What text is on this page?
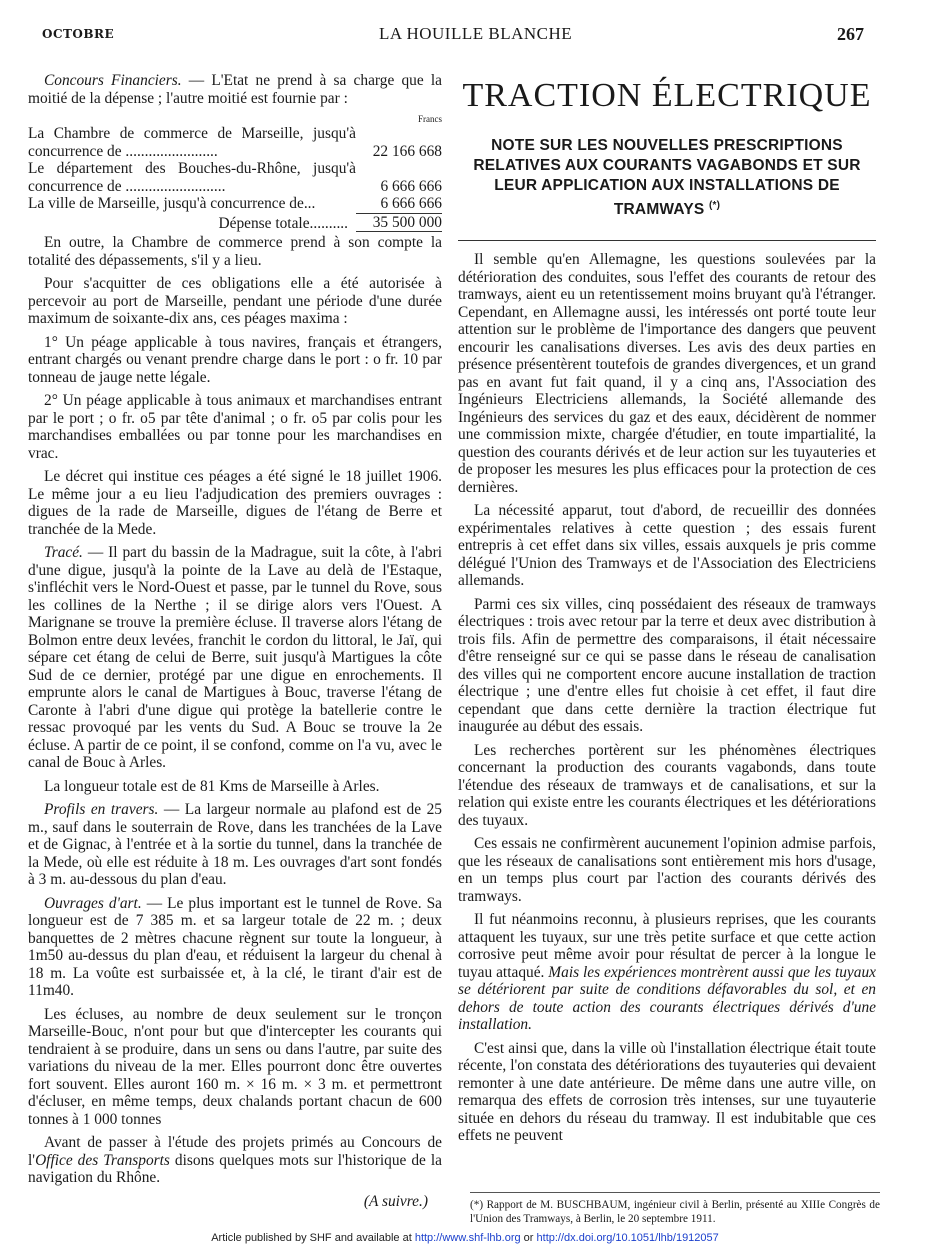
OCTOBRE	LA HOUILLE BLANCHE	267

Concours Financiers. — L'Etat ne prend à sa charge que la moitié de la dépense ; l'autre moitié est fournie par :

Francs
La Chambre de commerce de Marseille, jusqu'à concurrence de ........................	22 166 668
Le département des Bouches-du-Rhône, jusqu'à concurrence de ..........................	6 666 666
La ville de Marseille, jusqu'à concurrence de...	6 666 666
Dépense totale..........	35 500 000

En outre, la Chambre de commerce prend à son compte la totalité des dépassements, s'il y a lieu.

Pour s'acquitter de ces obligations elle a été autorisée à percevoir au port de Marseille, pendant une période d'une durée maximum de soixante-dix ans, ces péages maxima :

1° Un péage applicable à tous navires, français et étrangers, entrant chargés ou venant prendre charge dans le port : o fr. 10 par tonneau de jauge nette légale.

2° Un péage applicable à tous animaux et marchandises entrant par le port ; o fr. o5 par tête d'animal ; o fr. o5 par colis pour les marchandises emballées ou par tonne pour les marchandises en vrac.

Le décret qui institue ces péages a été signé le 18 juillet 1906. Le même jour a eu lieu l'adjudication des premiers ouvrages : digues de la rade de Marseille, digues de l'étang de Berre et tranchée de la Mede.

Tracé. — Il part du bassin de la Madrague, suit la côte, à l'abri d'une digue, jusqu'à la pointe de la Lave au delà de l'Estaque, s'infléchit vers le Nord-Ouest et passe, par le tunnel du Rove, sous les collines de la Nerthe ; il se dirige alors vers l'Ouest. A Marignane se trouve la première écluse. Il traverse alors l'étang de Bolmon entre deux levées, franchit le cordon du littoral, le Jaï, qui sépare cet étang de celui de Berre, suit jusqu'à Martigues la côte Sud de ce dernier, protégé par une digue en enrochements. Il emprunte alors le canal de Martigues à Bouc, traverse l'étang de Caronte à l'abri d'une digue qui protège la batellerie contre le ressac provoqué par les vents du Sud. A Bouc se trouve la 2e écluse. A partir de ce point, il se confond, comme on l'a vu, avec le canal de Bouc à Arles.

La longueur totale est de 81 Kms de Marseille à Arles.

Profils en travers. — La largeur normale au plafond est de 25 m., sauf dans le souterrain de Rove, dans les tranchées de la Lave et de Gignac, à l'entrée et à la sortie du tunnel, dans la tranchée de la Mede, où elle est réduite à 18 m. Les ouvrages d'art sont fondés à 3 m. au-dessous du plan d'eau.

Ouvrages d'art. — Le plus important est le tunnel de Rove. Sa longueur est de 7 385 m. et sa largeur totale de 22 m. ; deux banquettes de 2 mètres chacune règnent sur toute la longueur, à 1m50 au-dessus du plan d'eau, et réduisent la largeur du chenal à 18 m. La voûte est surbaissée et, à la clé, le tirant d'air est de 11m40.

Les écluses, au nombre de deux seulement sur le tronçon Marseille-Bouc, n'ont pour but que d'intercepter les courants qui tendraient à se produire, dans un sens ou dans l'autre, par suite des variations du niveau de la mer. Elles pourront donc être ouvertes fort souvent. Elles auront 160 m. × 16 m. × 3 m. et permettront d'écluser, en même temps, deux chalands portant chacun de 600 tonnes à 1 000 tonnes

Avant de passer à l'étude des projets primés au Concours de l'Office des Transports disons quelques mots sur l'historique de la navigation du Rhône.

(A suivre.)
TRACTION ÉLECTRIQUE
NOTE SUR LES NOUVELLES PRESCRIPTIONS RELATIVES AUX COURANTS VAGABONDS ET SUR LEUR APPLICATION AUX INSTALLATIONS DE TRAMWAYS (*)

Il semble qu'en Allemagne, les questions soulevées par la détérioration des conduites, sous l'effet des courants de retour des tramways, aient eu un retentissement moins bruyant qu'à l'étranger. Cependant, en Allemagne aussi, les intéressés ont porté toute leur attention sur le problème de l'importance des dangers que peuvent encourir les canalisations diverses. Les avis des deux parties en présence présentèrent toutefois de grandes divergences, et un grand pas en avant fut fait quand, il y a cinq ans, l'Association des Ingénieurs Electriciens allemands, la Société allemande des Ingénieurs des services du gaz et des eaux, décidèrent de nommer une commission mixte, chargée d'étudier, en toute impartialité, la question des courants dérivés et de leur action sur les tuyauteries et de proposer les mesures les plus efficaces pour la protection de ces dernières.

La nécessité apparut, tout d'abord, de recueillir des données expérimentales relatives à cette question ; des essais furent entrepris à cet effet dans six villes, essais auxquels je pris comme délégué l'Union des Tramways et de l'Association des Electriciens allemands.

Parmi ces six villes, cinq possédaient des réseaux de tramways électriques : trois avec retour par la terre et deux avec distribution à trois fils. Afin de permettre des comparaisons, il était nécessaire d'être renseigné sur ce qui se passe dans le réseau de canalisation des villes qui ne comportent encore aucune installation de traction électrique ; une d'entre elles fut choisie à cet effet, il faut dire cependant que dans cette dernière la traction électrique fut inaugurée au début des essais.

Les recherches portèrent sur les phénomènes électriques concernant la production des courants vagabonds, dans toute l'étendue des réseaux de tramways et de canalisations, et sur la relation qui existe entre les courants électriques et les détériorations des tuyaux.

Ces essais ne confirmèrent aucunement l'opinion admise parfois, que les réseaux de canalisations sont entièrement mis hors d'usage, en un temps plus court par l'action des courants dérivés des tramways.

Il fut néanmoins reconnu, à plusieurs reprises, que les courants attaquent les tuyaux, sur une très petite surface et que cette action corrosive peut même avoir pour résultat de percer à la longue le tuyau attaqué. Mais les expériences montrèrent aussi que les tuyaux se détériorent par suite de conditions défavorables du sol, et en dehors de toute action des courants électriques dérivés d'une installation.

C'est ainsi que, dans la ville où l'installation électrique était toute récente, l'on constata des détériorations des tuyauteries qui devaient remonter à une date antérieure. De même dans une autre ville, on remarqua des effets de corrosion très intenses, sur une tuyauterie située en dehors du réseau du tramway. Il est indubitable que ces effets ne peuvent

(*) Rapport de M. BUSCHBAUM, ingénieur civil à Berlin, présenté au XIIIe Congrès de l'Union des Tramways, à Berlin, le 20 septembre 1911.
Article published by SHF and available at http://www.shf-lhb.org or http://dx.doi.org/10.1051/lhb/1912057
